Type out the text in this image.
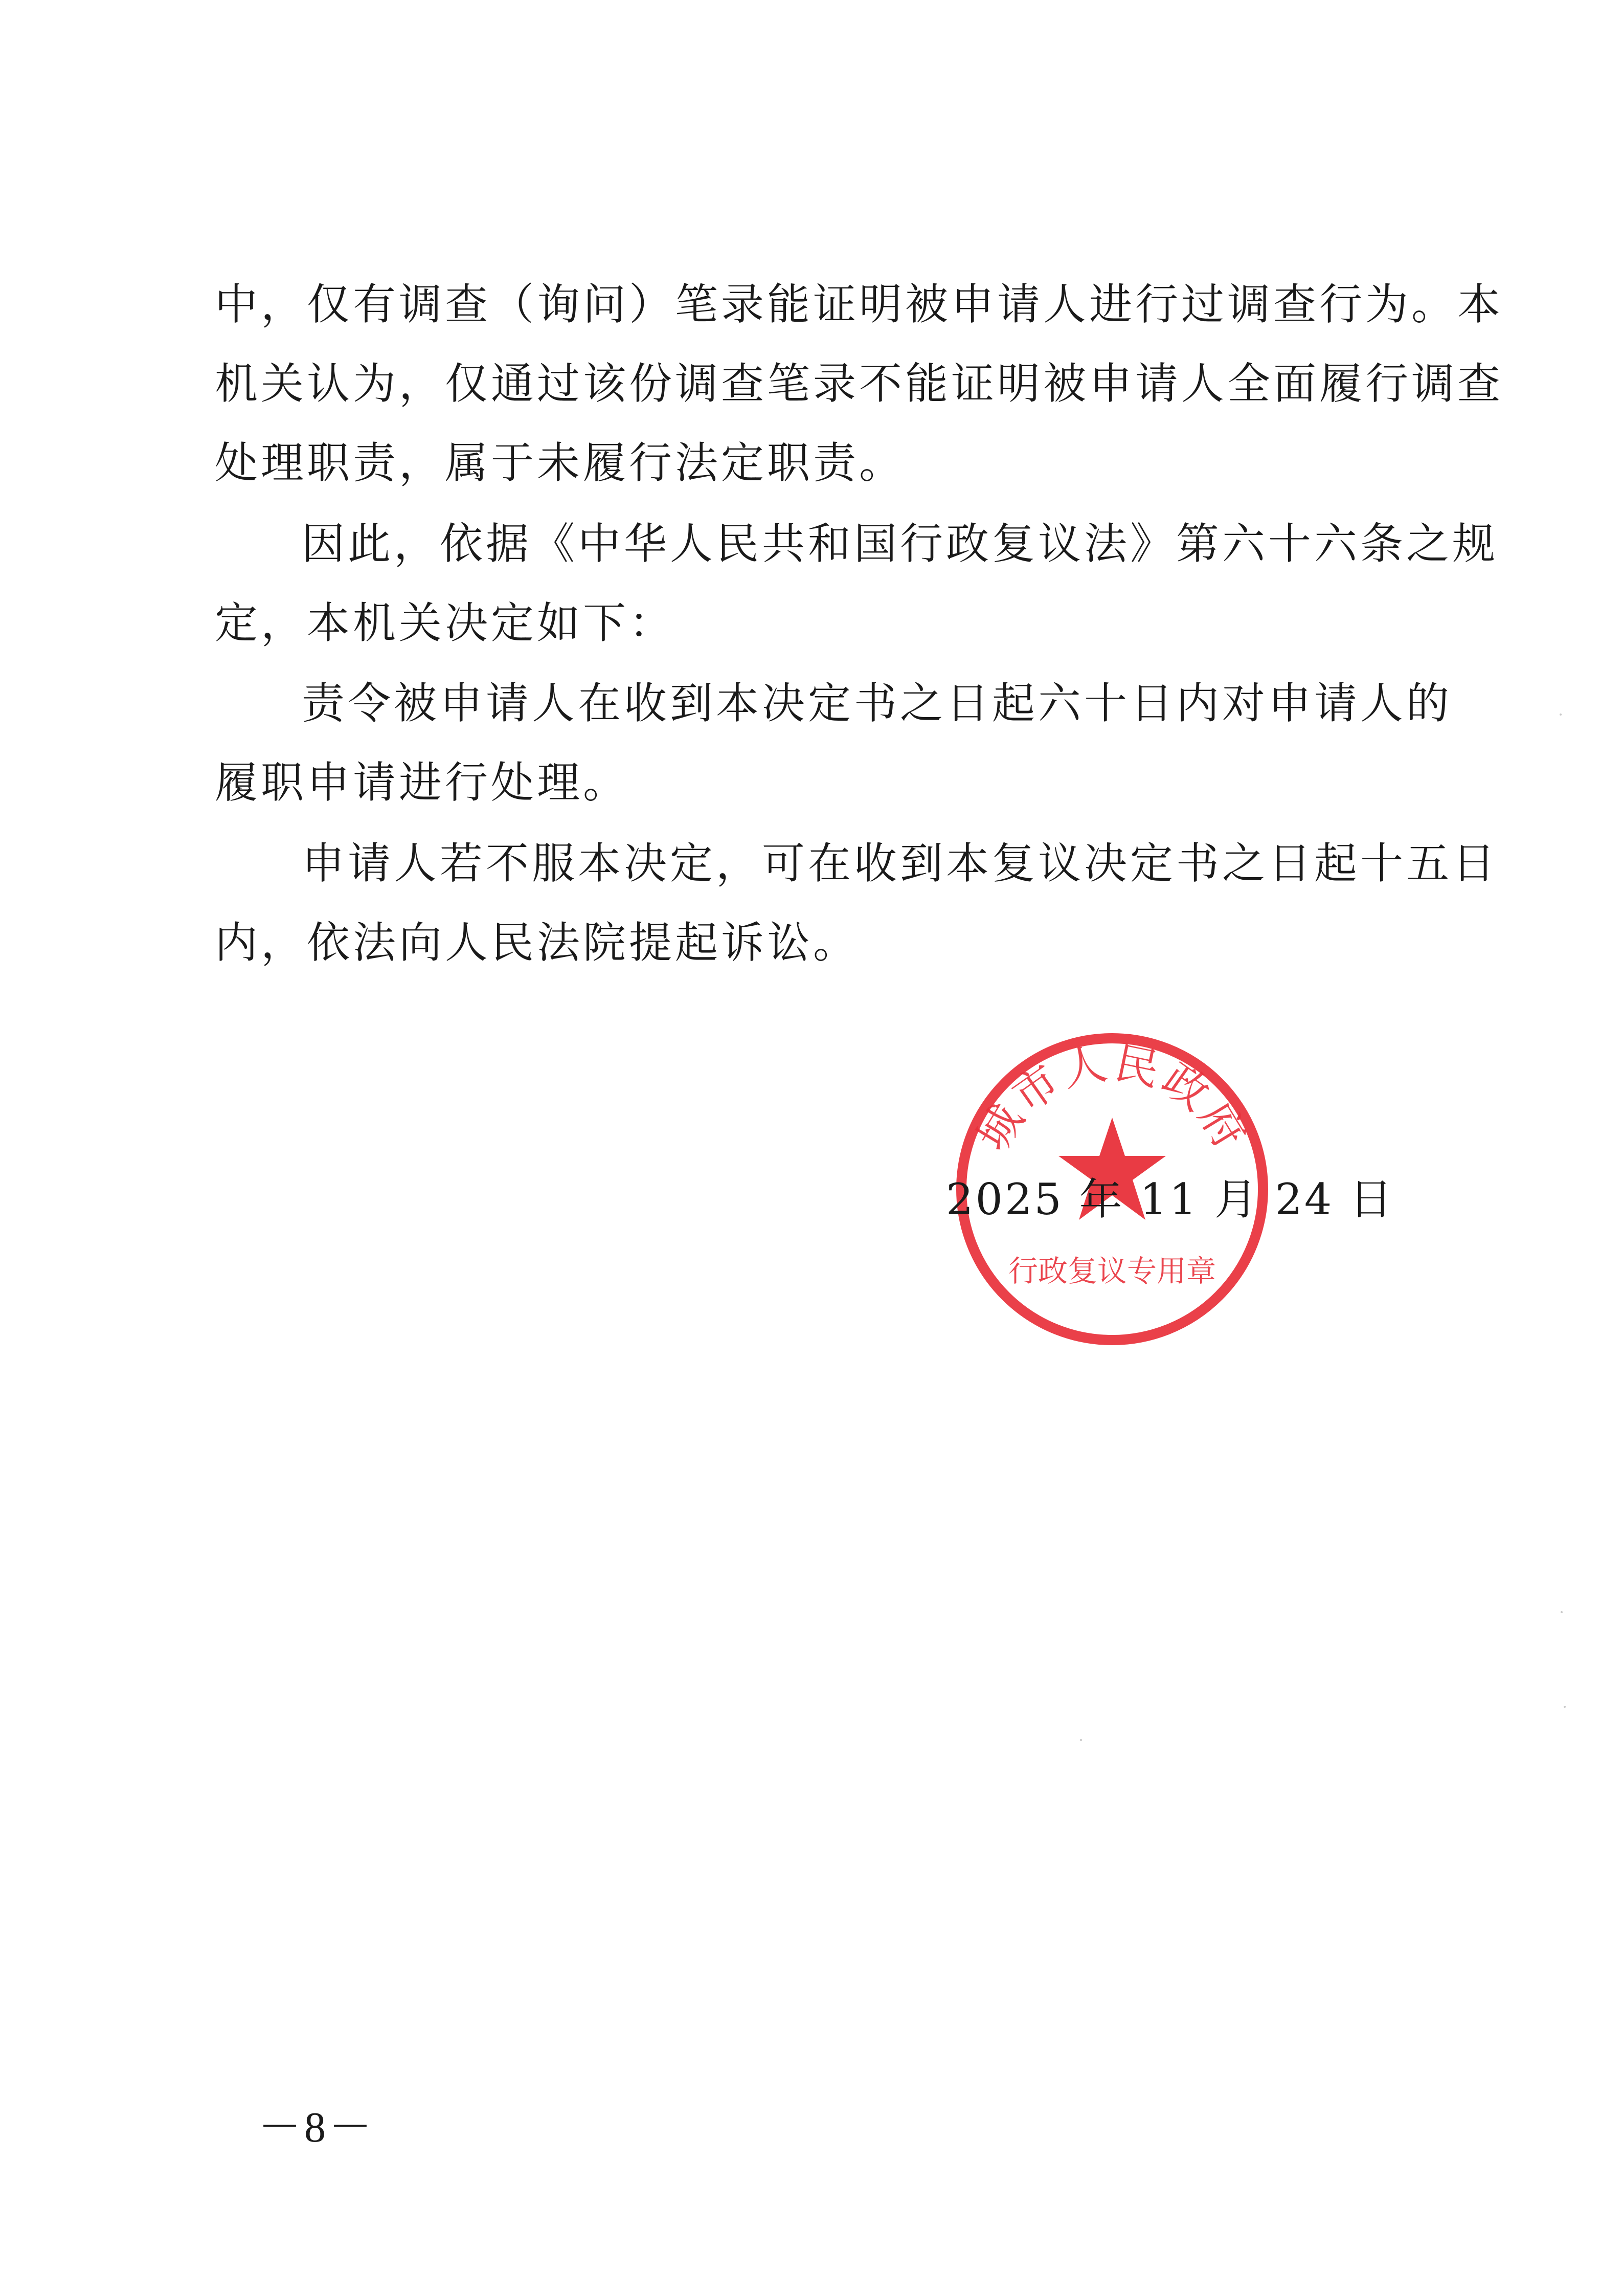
中，仅有调查（询问）笔录能证明被申请人进行过调查行为。本
机关认为，仅通过该份调查笔录不能证明被申请人全面履行调查
处理职责，属于未履行法定职责。
因此，依据《中华人民共和国行政复议法》第六十六条之规
定，本机关决定如下：
责令被申请人在收到本决定书之日起六十日内对申请人的
履职申请进行处理。
申请人若不服本决定，可在收到本复议决定书之日起十五日
内，依法向人民法院提起诉讼。
城市人民政府
行政复议专用章
2025 年 11 月 24 日
－8－
